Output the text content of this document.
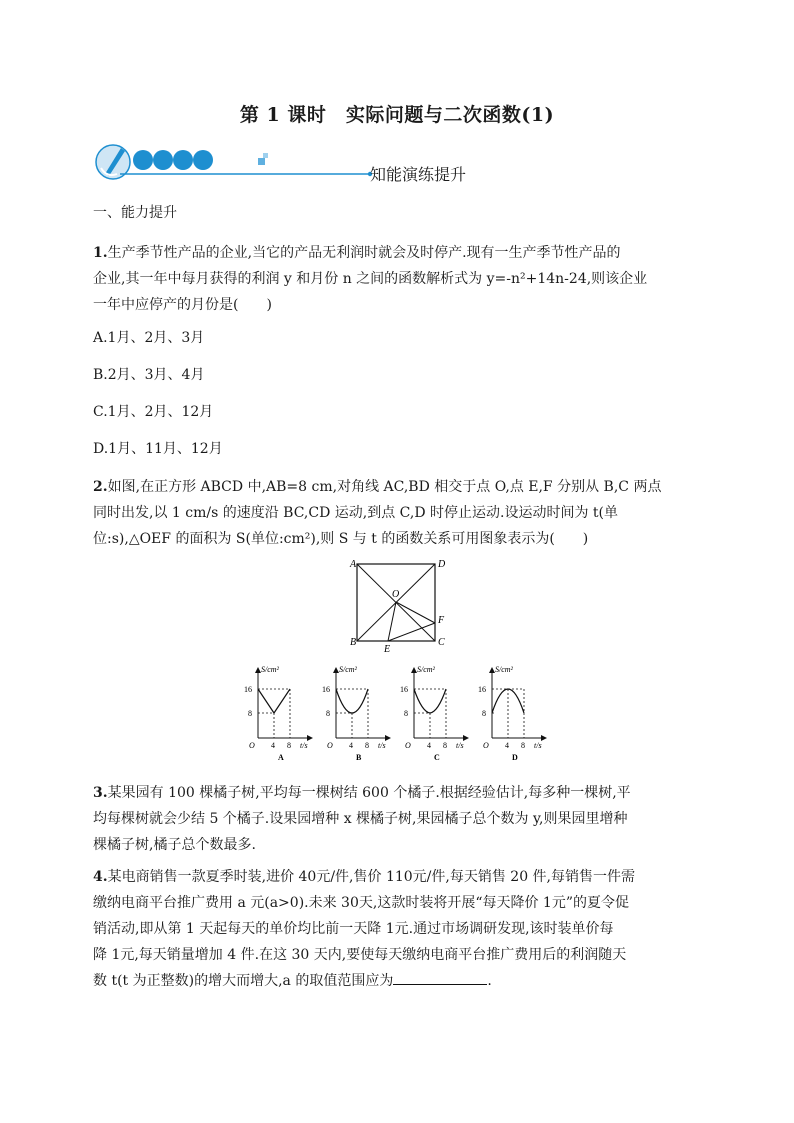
第 1 课时　实际问题与二次函数(1)
知能演练提升
一、能力提升
1.生产季节性产品的企业,当它的产品无利润时就会及时停产.现有一生产季节性产品的
企业,其一年中每月获得的利润 y 和月份 n 之间的函数解析式为 y=-n²+14n-24,则该企业
一年中应停产的月份是(　　)
A.1月、2月、3月
B.2月、3月、4月
C.1月、2月、12月
D.1月、11月、12月
2.如图,在正方形 ABCD 中,AB=8 cm,对角线 AC,BD 相交于点 O,点 E,F 分别从 B,C 两点
同时出发,以 1 cm/s 的速度沿 BC,CD 运动,到点 C,D 时停止运动.设运动时间为 t(单
位:s),△OEF 的面积为 S(单位:cm²),则 S 与 t 的函数关系可用图象表示为(　　)
A	D
O
F
B
E
C
S/cm²
16
8
O 4 8 t/s
A
S/cm²
16
8
O 4 8 t/s
B
S/cm²
16
8
O 4 8 t/s
C
S/cm²
16
8
O 4 8 t/s
D
3.某果园有 100 棵橘子树,平均每一棵树结 600 个橘子.根据经验估计,每多种一棵树,平
均每棵树就会少结 5 个橘子.设果园增种 x 棵橘子树,果园橘子总个数为 y,则果园里增种
棵橘子树,橘子总个数最多.
4.某电商销售一款夏季时装,进价 40元/件,售价 110元/件,每天销售 20 件,每销售一件需
缴纳电商平台推广费用 a 元(a>0).未来 30天,这款时装将开展“每天降价 1元”的夏令促
销活动,即从第 1 天起每天的单价均比前一天降 1元.通过市场调研发现,该时装单价每
降 1元,每天销量增加 4 件.在这 30 天内,要使每天缴纳电商平台推广费用后的利润随天
数 t(t 为正整数)的增大而增大,a 的取值范围应为	.
